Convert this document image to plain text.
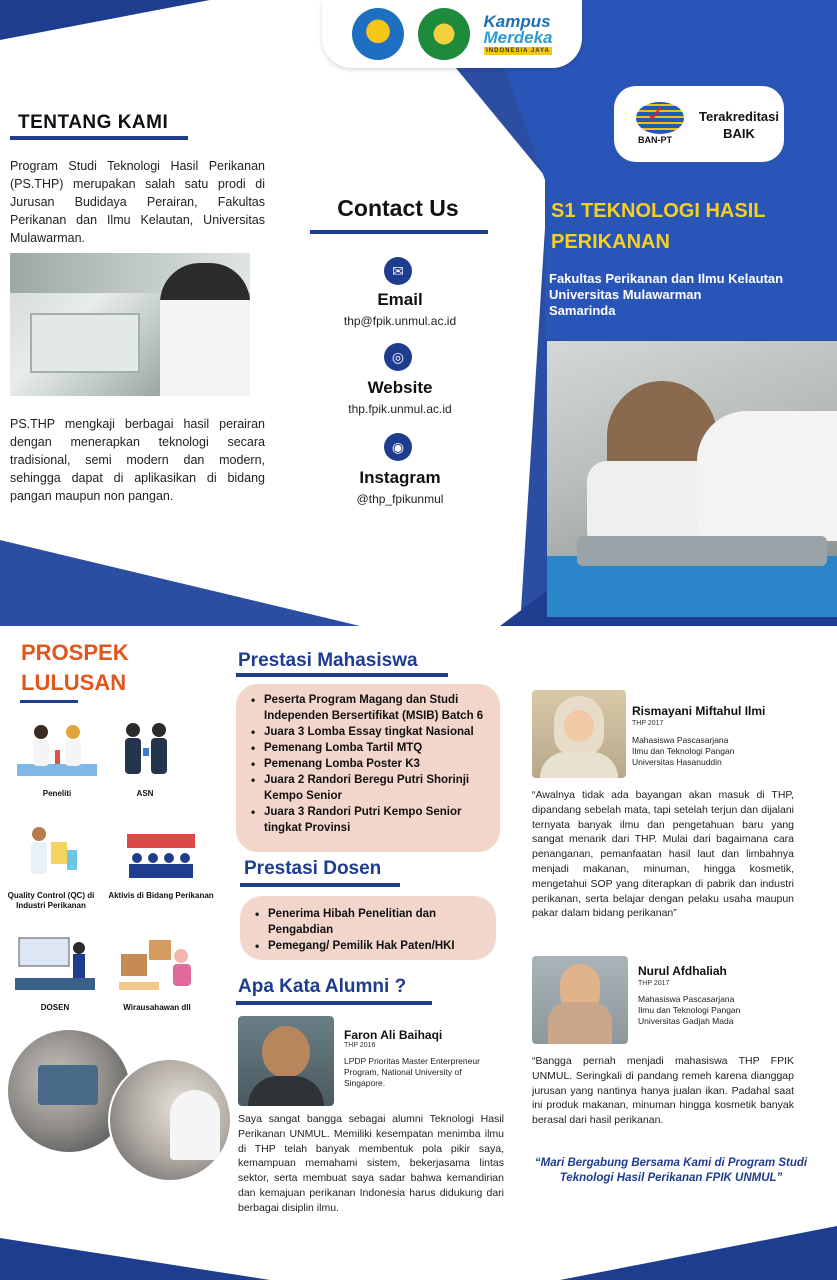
Kampus
Merdeka
INDONESIA JAYA
TENTANG KAMI

Program Studi Teknologi Hasil Perikanan (PS.THP) merupakan salah satu prodi di Jurusan Budidaya Perairan, Fakultas Perikanan dan Ilmu Kelautan, Universitas Mulawarman.

PS.THP mengkaji berbagai hasil perairan dengan menerapkan teknologi secara tradisional, semi modern dan modern, sehingga dapat di aplikasikan di bidang pangan maupun non pangan.

Contact Us
✉
Email
thp@fpik.unmul.ac.id
◎
Website
thp.fpik.unmul.ac.id
◉
Instagram
@thp_fpikunmul
✓
BAN-PT
Terakreditasi
BAIK
S1 TEKNOLOGI HASIL
PERIKANAN
Fakultas Perikanan dan Ilmu Kelautan
Universitas Mulawarman
Samarinda
PROSPEK
LULUSAN
Peneliti	ASN
Quality Control (QC) di Industri Perikanan
Aktivis di Bidang Perikanan
DOSEN	Wirausahawan dll
Prestasi Mahasiswa
• Peserta Program Magang dan Studi Independen Bersertifikat (MSIB) Batch 6
• Juara 3 Lomba Essay tingkat Nasional
• Pemenang Lomba Tartil MTQ
• Pemenang Lomba Poster K3
• Juara 2 Randori Beregu Putri Shorinji Kempo Senior
• Juara 3 Randori Putri Kempo Senior tingkat Provinsi
Prestasi Dosen
• Penerima Hibah Penelitian dan Pengabdian
• Pemegang/ Pemilik Hak Paten/HKI
Apa Kata Alumni ?
Faron Ali Baihaqi
THP 2016
LPDP Prioritas Master Enterpreneur Program, National University of Singapore.

Saya sangat bangga sebagai alumni Teknologi Hasil Perikanan UNMUL. Memiliki kesempatan menimba ilmu di THP telah banyak membentuk pola pikir saya, kemampuan memahami sistem, bekerjasama lintas sektor, serta membuat saya sadar bahwa kemandirian dan kemajuan perikanan Indonesia harus didukung dari berbagai disiplin ilmu.

Rismayani Miftahul Ilmi
THP 2017
Mahasiswa Pascasarjana
Ilmu dan Teknologi Pangan
Universitas Hasanuddin

“Awalnya tidak ada bayangan akan masuk di THP, dipandang sebelah mata, tapi setelah terjun dan dijalani ternyata banyak ilmu dan pengetahuan baru yang sangat menarik dari THP. Mulai dari bagaimana cara penanganan, pemanfaatan hasil laut dan limbahnya menjadi makanan, minuman, hingga kosmetik, mengetahui SOP yang diterapkan di pabrik dan industri perikanan, serta belajar dengan pelaku usaha maupun pakar dalam bidang perikanan”

Nurul Afdhaliah
THP 2017
Mahasiswa Pascasarjana
Ilmu dan Teknologi Pangan
Universitas Gadjah Mada

“Bangga pernah menjadi mahasiswa THP FPIK UNMUL. Seringkali di pandang remeh karena dianggap jurusan yang nantinya hanya jualan ikan. Padahal saat ini produk makanan, minuman hingga kosmetik banyak berasal dari hasil perikanan.

“Mari Bergabung Bersama Kami di Program Studi Teknologi Hasil Perikanan FPIK UNMUL”
